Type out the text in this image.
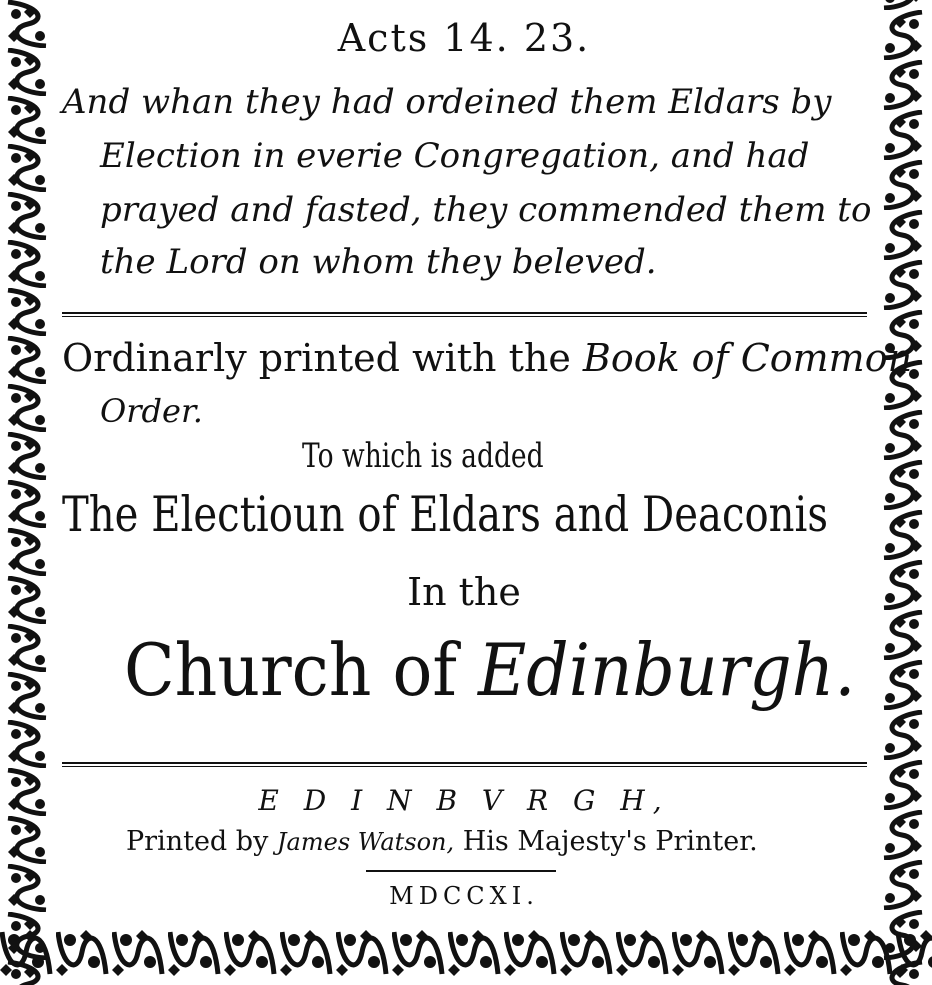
Acts 14. 23.

And whan they had ordeined them Eldars by

Election in everie Congregation, and had

prayed and fasted, they commended them to

the Lord on whom they beleved.

Ordinarly printed with the Book of Common

Order.

To which is added

The Electioun of Eldars and Deaconis

In the

Church of Edinburgh.

E D I N B V R G H,

Printed by James Watson, His Majesty's Printer.

MDCCXI.
